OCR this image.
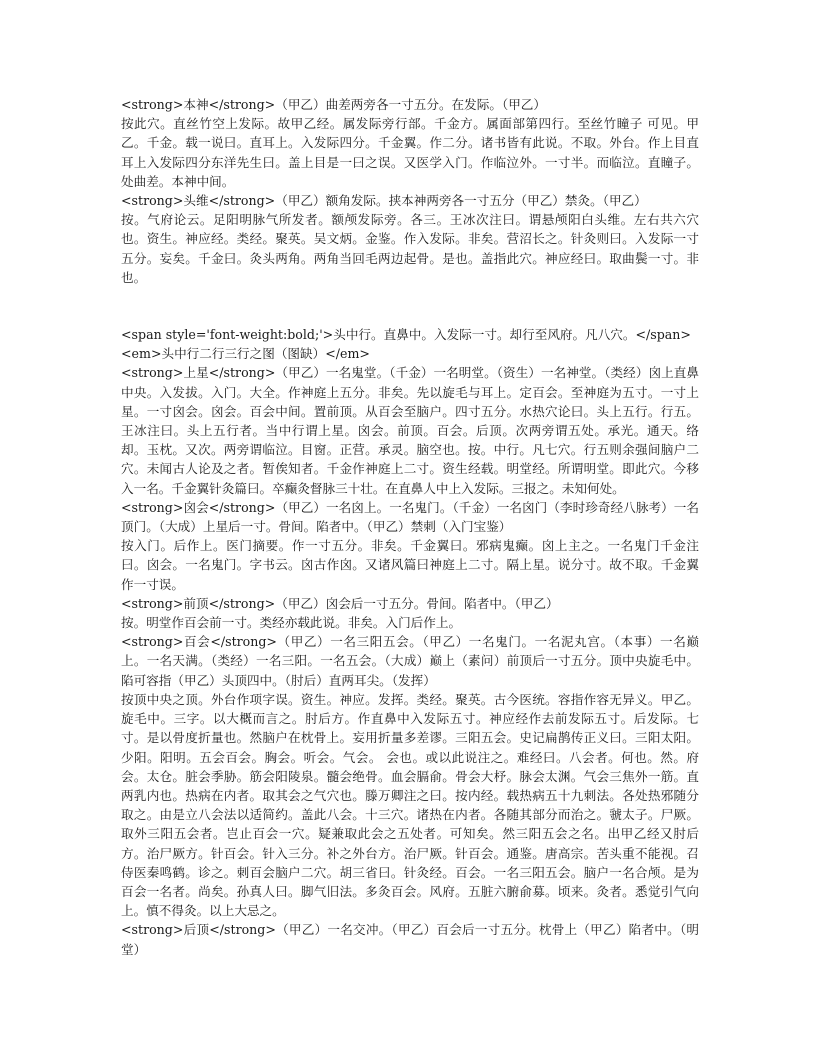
<strong>本神</strong>（甲乙）曲差两旁各一寸五分。在发际。（甲乙）

按此穴。直丝竹空上发际。故甲乙经。属发际旁行部。千金方。属面部第四行。至丝竹瞳子 可见。甲乙。千金。载一说曰。直耳上。入发际四分。千金翼。作二分。诸书皆有此说。不取。外台。作上目直耳上入发际四分东洋先生曰。盖上目是一曰之误。又医学入门。作临泣外。一寸半。而临泣。直瞳子。处曲差。本神中间。

<strong>头维</strong>（甲乙）额角发际。挟本神两旁各一寸五分（甲乙）禁灸。（甲乙）

按。气府论云。足阳明脉气所发者。额颅发际旁。各三。王冰次注曰。谓悬颅阳白头维。左右共六穴也。资生。神应经。类经。聚英。吴文炳。金鉴。作入发际。非矣。营沼长之。针灸则曰。入发际一寸五分。妄矣。千金曰。灸头两角。两角当回毛两边起骨。是也。盖指此穴。神应经曰。取曲鬓一寸。非也。

<span style='font-weight:bold;'>头中行。直鼻中。入发际一寸。却行至风府。凡八穴。</span>

<em>头中行二行三行之图（图缺）</em>

<strong>上星</strong>（甲乙）一名鬼堂。（千金）一名明堂。（资生）一名神堂。（类经）囟上直鼻中央。入发拔。入门。大全。作神庭上五分。非矣。先以旋毛与耳上。定百会。至神庭为五寸。一寸上星。一寸囟会。囟会。百会中间。置前顶。从百会至脑户。四寸五分。水热穴论曰。头上五行。行五。王冰注曰。头上五行者。当中行谓上星。囟会。前顶。百会。后顶。次两旁谓五处。承光。通天。络却。玉枕。又次。两旁谓临泣。目窗。正营。承灵。脑空也。按。中行。凡七穴。行五则余强间脑户二穴。未闻古人论及之者。暂俟知者。千金作神庭上二寸。资生经载。明堂经。所谓明堂。即此穴。今移入一名。千金翼针灸篇曰。卒癫灸督脉三十壮。在直鼻人中上入发际。三报之。未知何处。

<strong>囟会</strong>（甲乙）一名囟上。一名鬼门。（千金）一名囟门（李时珍奇经八脉考）一名顶门。（大成）上星后一寸。骨间。陷者中。（甲乙）禁刺（入门宝鉴）

按入门。后作上。医门摘要。作一寸五分。非矣。千金翼曰。邪病鬼癫。囟上主之。一名鬼门千金注曰。囟会。一名鬼门。字书云。囟古作囟。又诸风篇曰神庭上二寸。隔上星。说分寸。故不取。千金翼作一寸误。

<strong>前顶</strong>（甲乙）囟会后一寸五分。骨间。陷者中。（甲乙）

按。明堂作百会前一寸。类经亦载此说。非矣。入门后作上。

<strong>百会</strong>（甲乙）一名三阳五会。（甲乙）一名鬼门。一名泥丸宫。（本事）一名巅上。一名天满。（类经）一名三阳。一名五会。（大成）巅上（素问）前顶后一寸五分。顶中央旋毛中。陷可容指（甲乙）头顶四中。（肘后）直两耳尖。（发挥）

按顶中央之顶。外台作项字误。资生。神应。发挥。类经。聚英。古今医统。容指作容无异义。甲乙。旋毛中。三字。以大概而言之。肘后方。作直鼻中入发际五寸。神应经作去前发际五寸。后发际。七寸。是以骨度折量也。然脑户在枕骨上。妄用折量多差谬。三阳五会。史记扁鹊传正义曰。三阳太阳。少阳。阳明。五会百会。胸会。听会。气会。 会也。或以此说注之。难经曰。八会者。何也。然。府会。太仓。脏会季胁。筋会阳陵泉。髓会绝骨。血会膈俞。骨会大杼。脉会太渊。气会三焦外一筋。直两乳内也。热病在内者。取其会之气穴也。滕万卿注之曰。按内经。载热病五十九刺法。各处热邪随分取之。由是立八会法以适简约。盖此八会。十三穴。诸热在内者。各随其部分而治之。虢太子。尸厥。取外三阳五会者。岂止百会一穴。疑兼取此会之五处者。可知矣。然三阳五会之名。出甲乙经又肘后方。治尸厥方。针百会。针入三分。补之外台方。治尸厥。针百会。通鉴。唐高宗。苦头重不能视。召侍医秦鸣鹤。诊之。刺百会脑户二穴。胡三省曰。针灸经。百会。一名三阳五会。脑户一名合颅。是为百会一名者。尚矣。孙真人曰。脚气旧法。多灸百会。风府。五脏六腑俞募。顷来。灸者。悉觉引气向上。慎不得灸。以上大忌之。

<strong>后顶</strong>（甲乙）一名交冲。（甲乙）百会后一寸五分。枕骨上（甲乙）陷者中。（明堂）
